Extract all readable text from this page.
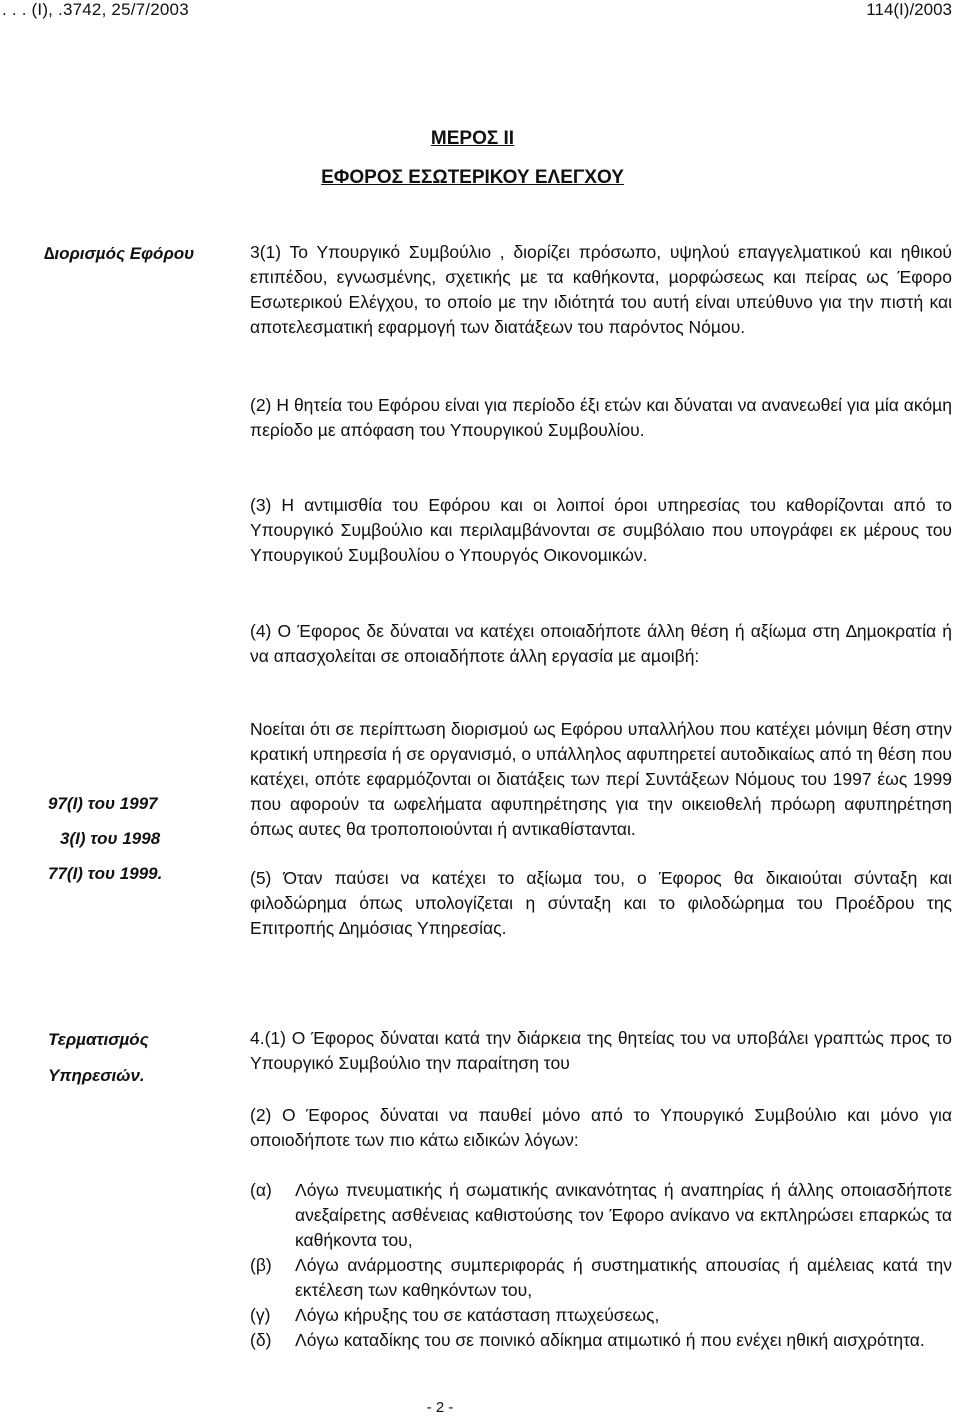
. . . (Ι), .3742, 25/7/2003	114(Ι)/2003
ΜΕΡΟΣ ΙΙ
ΕΦΟΡΟΣ ΕΣΩΤΕΡΙΚΟΥ ΕΛΕΓΧΟΥ
∆ιορισµός Εφόρου
97(Ι) του 1997
3(Ι) του 1998
77(Ι) του 1999.
Τερµατισµός
Υπηρεσιών.

3(1) Το Υπουργικό Συµβούλιο , διορίζει πρόσωπο, υψηλού επαγγελµατικού και ηθικού επιπέδου, εγνωσµένης, σχετικής µε τα καθήκοντα, µορφώσεως και πείρας ως Έφορο Εσωτερικού Ελέγχου, το οποίο µε την ιδιότητά του αυτή είναι υπεύθυνο για την πιστή και αποτελεσµατική εφαρµογή των διατάξεων του παρόντος Νόµου.

(2) Η θητεία του Εφόρου είναι για περίοδο έξι ετών και δύναται να ανανεωθεί για µία ακόµη περίοδο µε απόφαση του Υπουργικού Συµβουλίου.

(3) Η αντιµισθία του Εφόρου και οι λοιποί όροι υπηρεσίας του καθορίζονται από το Υπουργικό Συµβούλιο και περιλαµβάνονται σε συµβόλαιο που υπογράφει εκ µέρους του Υπουργικού Συµβουλίου ο Υπουργός Οικονοµικών.

(4) Ο Έφορος δε δύναται να κατέχει οποιαδήποτε άλλη θέση ή αξίωµα στη ∆ηµοκρατία ή να απασχολείται σε οποιαδήποτε άλλη εργασία µε αµοιβή:

Νοείται ότι σε περίπτωση διορισµού ως Εφόρου υπαλλήλου που κατέχει µόνιµη θέση στην κρατική υπηρεσία ή σε οργανισµό, ο υπάλληλος αφυπηρετεί αυτοδικαίως από τη θέση που κατέχει, οπότε εφαρµόζονται οι διατάξεις των περί Συντάξεων Νόµους του 1997 έως 1999 που αφορούν τα ωφελήµατα αφυπηρέτησης για την οικειοθελή πρόωρη αφυπηρέτηση όπως αυτες θα τροποποιούνται ή αντικαθίστανται.

(5) Όταν παύσει να κατέχει το αξίωµα του, ο Έφορος θα δικαιούται σύνταξη και φιλοδώρηµα όπως υπολογίζεται η σύνταξη και το φιλοδώρηµα του Προέδρου της Επιτροπής ∆ηµόσιας Υπηρεσίας.

4.(1) Ο Έφορος δύναται κατά την διάρκεια της θητείας του να υποβάλει γραπτώς προς το Υπουργικό Συµβούλιο την παραίτηση του

(2) Ο Έφορος δύναται να παυθεί µόνο από το Υπουργικό Συµβούλιο και µόνο για οποιοδήποτε των πιο κάτω ειδικών λόγων:

(α) Λόγω πνευµατικής ή σωµατικής ανικανότητας ή αναπηρίας ή άλλης οποιασδήποτε ανεξαίρετης ασθένειας καθιστούσης τον Έφορο ανίκανο να εκπληρώσει επαρκώς τα καθήκοντα του,
(β) Λόγω ανάρµοστης συµπεριφοράς ή συστηµατικής απουσίας ή αµέλειας κατά την εκτέλεση των καθηκόντων του,
(γ) Λόγω κήρυξης του σε κατάσταση πτωχεύσεως,
(δ) Λόγω καταδίκης του σε ποινικό αδίκηµα ατιµωτικό ή που ενέχει ηθική αισχρότητα.
- 2 -
